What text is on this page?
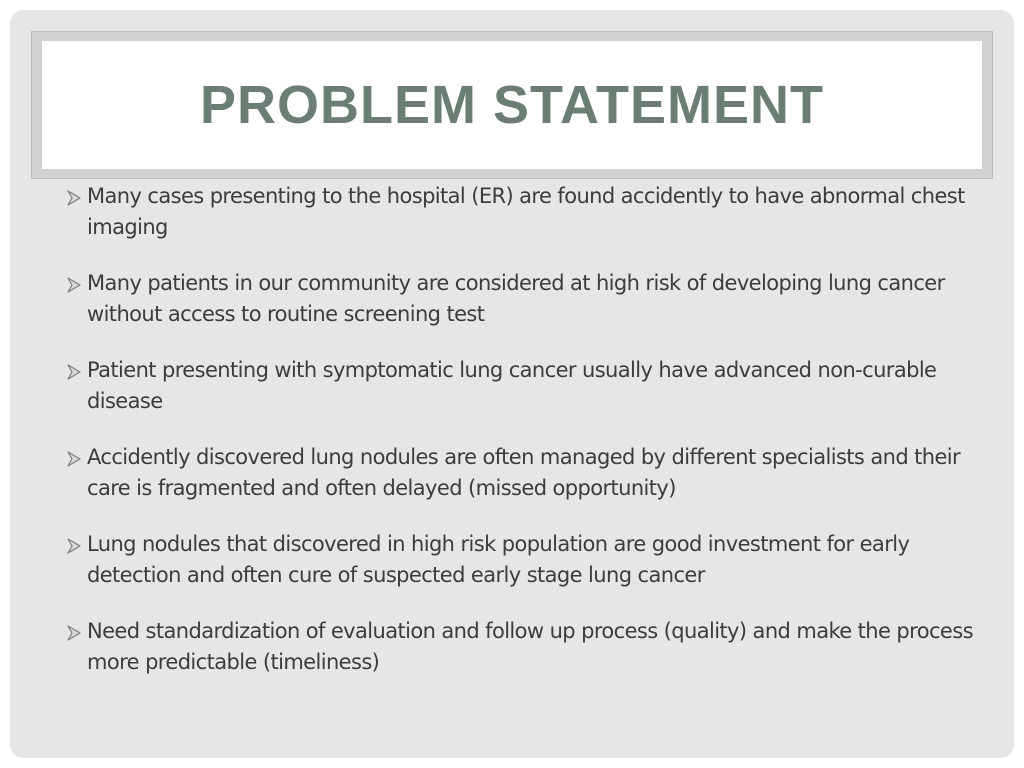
PROBLEM STATEMENT
Many cases presenting to the hospital (ER) are found accidently to have abnormal chest imaging
Many patients in our community are considered at high risk of developing lung cancer without access to routine screening test
Patient presenting with symptomatic lung cancer usually have advanced non-curable disease
Accidently discovered lung nodules are often managed by different specialists and their care is fragmented and often delayed (missed opportunity)
Lung nodules that discovered in high risk population are good investment for early detection and often cure of suspected early stage lung cancer
Need standardization of evaluation and follow up process (quality) and make the process more predictable (timeliness)
